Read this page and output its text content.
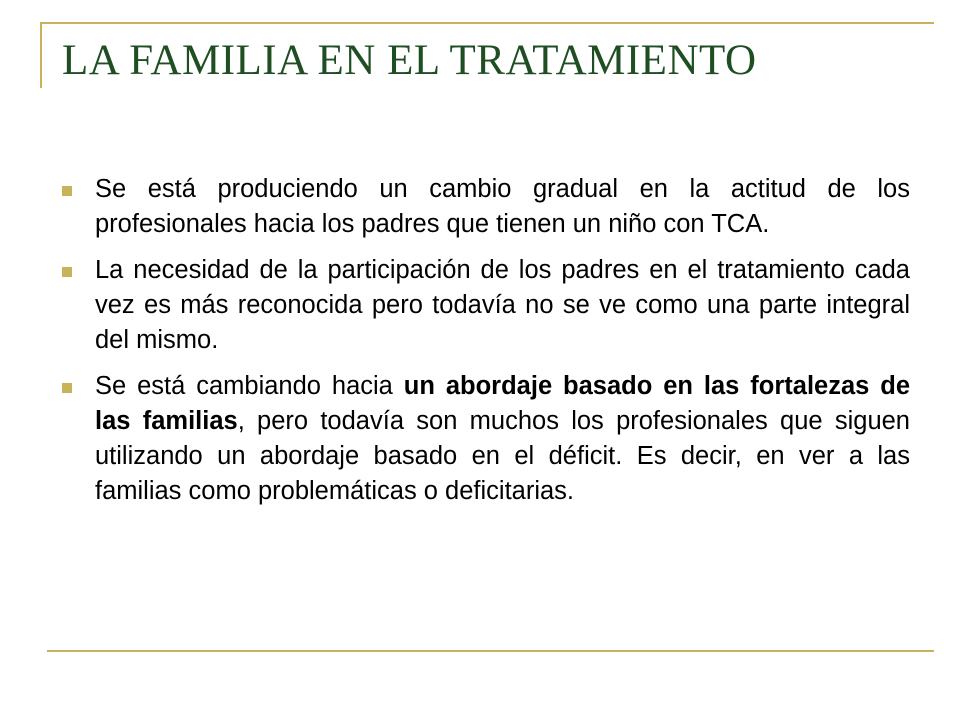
LA FAMILIA EN EL TRATAMIENTO
Se está produciendo un cambio gradual en la actitud de los profesionales hacia los padres que tienen un niño con TCA.
La necesidad de la participación de los padres en el tratamiento cada vez es más reconocida pero todavía no se ve como una parte integral del mismo.
Se está cambiando hacia un abordaje basado en las fortalezas de las familias, pero todavía son muchos los profesionales que siguen utilizando un abordaje basado en el déficit. Es decir, en ver a las familias como problemáticas o deficitarias.
